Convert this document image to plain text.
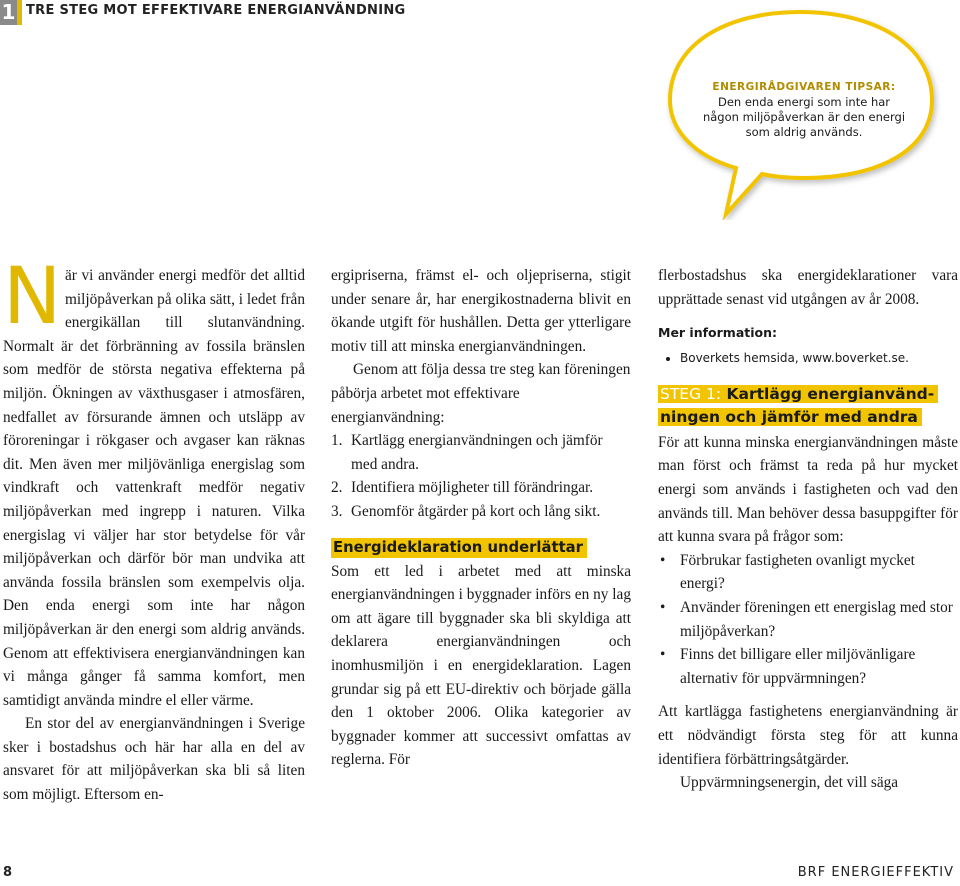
1 TRE STEG MOT EFFEKTIVARE ENERGIANVÄNDNING
ENERGIRÅDGIVAREN TIPSAR:
Den enda energi som inte har
någon miljöpåverkan är den energi
som aldrig används.
N är vi använder energi medför det alltid miljöpåverkan på olika sätt, i ledet från energikällan till slutanvändning. Normalt är det förbränning av fossila bränslen som medför de största negativa effekterna på miljön. Ökningen av växthusgaser i atmosfären, nedfallet av försurande ämnen och utsläpp av föroreningar i rökgaser och avgaser kan räknas dit. Men även mer miljövänliga energislag som vindkraft och vattenkraft medför negativ miljöpåverkan med ingrepp i naturen. Vilka energislag vi väljer har stor betydelse för vår miljöpåverkan och därför bör man undvika att använda fossila bränslen som exempelvis olja. Den enda energi som inte har någon miljöpåverkan är den energi som aldrig används. Genom att effektivisera energianvändningen kan vi många gånger få samma komfort, men samtidigt använda mindre el eller värme.

En stor del av energianvändningen i Sverige sker i bostadshus och här har alla en del av ansvaret för att miljöpåverkan ska bli så liten som möjligt. Eftersom en-

ergipriserna, främst el- och oljepriserna, stigit under senare år, har energikostnaderna blivit en ökande utgift för hushållen. Detta ger ytterligare motiv till att minska energianvändningen.

Genom att följa dessa tre steg kan föreningen påbörja arbetet mot effektivare energianvändning:

1. Kartlägg energianvändningen och jämför med andra.
2. Identifiera möjligheter till förändringar.
3. Genomför åtgärder på kort och lång sikt.
Energideklaration underlättar

Som ett led i arbetet med att minska energianvändningen i byggnader införs en ny lag om att ägare till byggnader ska bli skyldiga att deklarera energianvändningen och inomhusmiljön i en energideklaration. Lagen grundar sig på ett EU-direktiv och började gälla den 1 oktober 2006. Olika kategorier av byggnader kommer att successivt omfattas av reglerna. För

flerbostadshus ska energideklarationer vara upprättade senast vid utgången av år 2008.

Mer information:
• Boverkets hemsida, www.boverket.se.
STEG 1: Kartlägg energianvänd-
ningen och jämför med andra

För att kunna minska energianvändningen måste man först och främst ta reda på hur mycket energi som används i fastigheten och vad den används till. Man behöver dessa basuppgifter för att kunna svara på frågor som:

• Förbrukar fastigheten ovanligt mycket energi?
• Använder föreningen ett energislag med stor miljöpåverkan?
• Finns det billigare eller miljövänligare alternativ för uppvärmningen?

Att kartlägga fastighetens energianvändning är ett nödvändigt första steg för att kunna identifiera förbättringsåtgärder.

Uppvärmningsenergin, det vill säga

8	BRF ENERGIEFFEKTIV
